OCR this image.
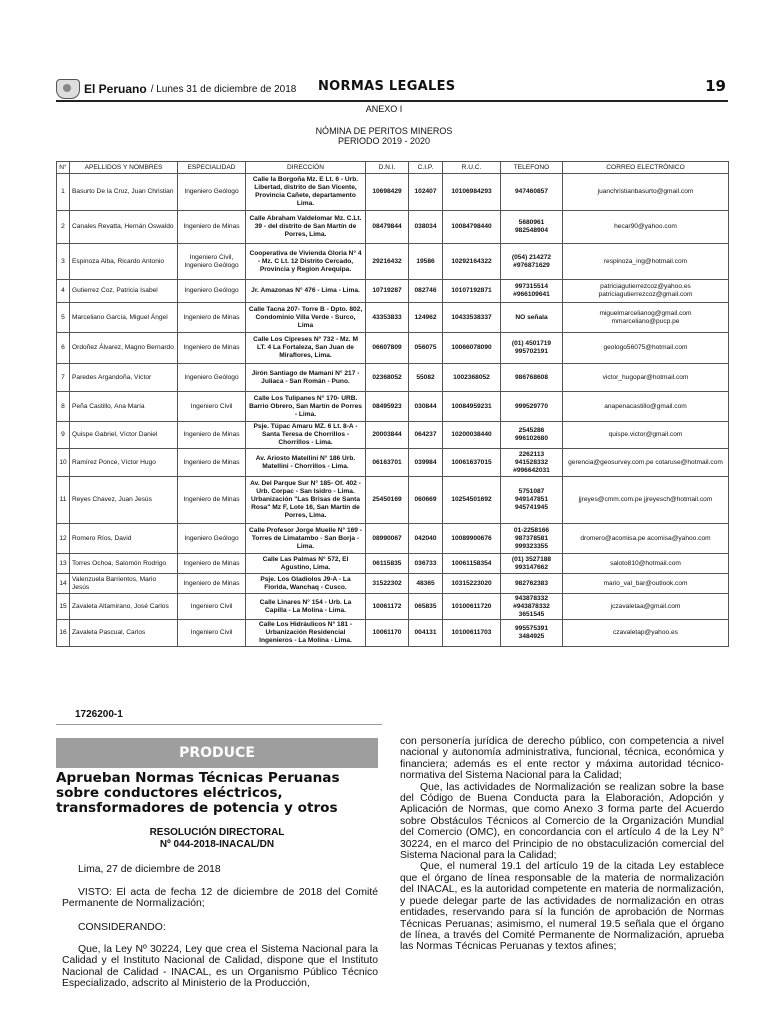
El Peruano / Lunes 31 de diciembre de 2018 NORMAS LEGALES	19
ANEXO I
NÓMINA DE PERITOS MINEROS
PERIODO 2019 - 2020
N°	APELLIDOS Y NOMBRES	ESPECIALIDAD	DIRECCIÓN	D.N.I.	C.I.P.	R.U.C.	TELEFONO	CORREO ELECTRÓNICO
1	Basurto De la Cruz, Juan Christian	Ingeniero Geólogo	Calle la Borgoña Mz. E Lt. 6 - Urb. Libertad, distrito de San Vicente, Provincia Cañete, departamento Lima.	10698429	102407	10106984293	947460857	juanchristianbasurto@gmail.com
2	Canales Revatta, Hernán Oswaldo	Ingeniero de Minas	Calle Abraham Valdelomar Mz. C.Lt. 39 - del distrito de San Martín de Porres, Lima.	08479844	038034	10084798440	5680961 982548904	hecar90@yahoo.com
3	Espinoza Alba, Ricardo Antonio	Ingeniero Civil, Ingeniero Geólogo	Cooperativa de Vivienda Gloria N° 4 - Mz. C Lt. 12 Distrito Cercado, Provincia y Region Arequipa.	29216432	19586	10292164322	(054) 214272 #976871629	respinoza_ing@hotmail.com
4	Gutierrez Coz, Patricia Isabel	Ingeniero Geólogo	Jr. Amazonas N° 476 - Lima - Lima.	10719287	082746	10107192871	997315514 #966109641	patriciagutierrezcoz@yahoo.es patriciagutierrezcoz@gmail.com
5	Marceliano García, Miguel Ángel	Ingeniero de Minas	Calle Tacna 207- Torre B - Dpto. 802, Condominio Villa Verde - Surco, Lima	43353833	124962	10433538337	NO señala	miguelmarcelianog@gmail.com mmarceliano@pucp.pe
6	Ordoñez Álvarez, Magno Bernardo	Ingeniero de Minas	Calle Los Cipreses N° 732 - Mz. M LT. 4 La Fortaleza, San Juan de Miraflores, Lima.	06607809	056075	10066078090	(01) 4501719 995702191	geologo56075@hotmail.com
7	Paredes Argandoña, Víctor	Ingeniero Geólogo	Jirón Santiago de Mamani N° 217 - Juliaca - San Román - Puno.	02368052	55082	1002368052	986768608	victor_hugopar@hotmail.com
8	Peña Castillo, Ana María	Ingeniero Civil	Calle Los Tulipanes N° 170- URB. Barrio Obrero, San Martín de Porres - Lima.	08495923	030844	10084959231	999529770	anapenacastillo@gmail.com
9	Quispe Gabriel, Víctor Daniel	Ingeniero de Minas	Psje. Túpac Amaru MZ. 6 Lt. 8-A - Santa Teresa de Chorrillos - Chorrillos - Lima.	20003844	064237	10200038440	2545286 996102680	quispe.victor@gmail.com
10	Ramírez Ponce, Víctor Hugo	Ingeniero de Minas	Av. Ariosto Matellini N° 186 Urb. Matellini - Chorrillos - Lima.	06163701	039984	10061637015	2262113 941528332 #996642031	gerencia@geosurvey.com.pe cotaruse@hotmail.com
11	Reyes Chavez, Juan Jesús	Ingeniero de Minas	Av. Del Parque Sur N° 185- Of. 402 - Urb. Corpac - San Isidro - Lima. Urbanización "Las Brisas de Santa Rosa" Mz F, Lote 16, San Martín de Porres, Lima.	25450169	060669	10254501692	5751087 949147851 945741945	jjreyes@cmm.com.pe jjreyesch@hotmail.com
12	Romero Ríos, David	Ingeniero Geólogo	Calle Profesor Jorge Muelle N° 169 - Torres de Limatambo - San Borja - Lima.	08990067	042040	10089900676	01-2258166 987378581 999323355	dromero@acomisa.pe acomisa@yahoo.com
13	Torres Ochoa, Salomón Rodrigo	Ingeniero de Minas	Calle Las Palmas N° 572, El Agustino, Lima.	06115835	036733	10061158354	(01) 3527188 993147662	saloto810@hotmail.com
14	Valenzuela Barrientos, Mario Jesús	Ingeniero de Minas	Psje. Los Gladiolos J9-A - La Florida, Wanchaq - Cusco.	31522302	48365	10315223020	982762383	mario_val_bar@outlook.com
15	Zavaleta Altamirano, José Carlos	Ingeniero Civil	Calle Linares N° 154 - Urb. La Capilla - La Molina - Lima.	10061172	065835	10100611720	943878332 #943878332 3651545	jczavaletaa@gmail.com
16	Zavaleta Pascual, Carlos	Ingeniero Civil	Calle Los Hidráulicos N° 181 - Urbanización Residencial Ingenieros - La Molina - Lima.	10061170	004131	10100611703	995575391 3484925	czavaletap@yahoo.es
1726200-1
PRODUCE
Aprueban Normas Técnicas Peruanas sobre conductores eléctricos, transformadores de potencia y otros
RESOLUCIÓN DIRECTORAL
Nº 044-2018-INACAL/DN

Lima, 27 de diciembre de 2018

VISTO: El acta de fecha 12 de diciembre de 2018 del Comité Permanente de Normalización;

CONSIDERANDO:

Que, la Ley Nº 30224, Ley que crea el Sistema Nacional para la Calidad y el Instituto Nacional de Calidad, dispone que el Instituto Nacional de Calidad - INACAL, es un Organismo Público Técnico Especializado, adscrito al Ministerio de la Producción,

con personería jurídica de derecho público, con competencia a nivel nacional y autonomía administrativa, funcional, técnica, económica y financiera; además es el ente rector y máxima autoridad técnico-normativa del Sistema Nacional para la Calidad;

Que, las actividades de Normalización se realizan sobre la base del Código de Buena Conducta para la Elaboración, Adopción y Aplicación de Normas, que como Anexo 3 forma parte del Acuerdo sobre Obstáculos Técnicos al Comercio de la Organización Mundial del Comercio (OMC), en concordancia con el artículo 4 de la Ley N° 30224, en el marco del Principio de no obstaculización comercial del Sistema Nacional para la Calidad;

Que, el numeral 19.1 del artículo 19 de la citada Ley establece que el órgano de línea responsable de la materia de normalización del INACAL, es la autoridad competente en materia de normalización, y puede delegar parte de las actividades de normalización en otras entidades, reservando para sí la función de aprobación de Normas Técnicas Peruanas; asimismo, el numeral 19.5 señala que el órgano de línea, a través del Comité Permanente de Normalización, aprueba las Normas Técnicas Peruanas y textos afines;
